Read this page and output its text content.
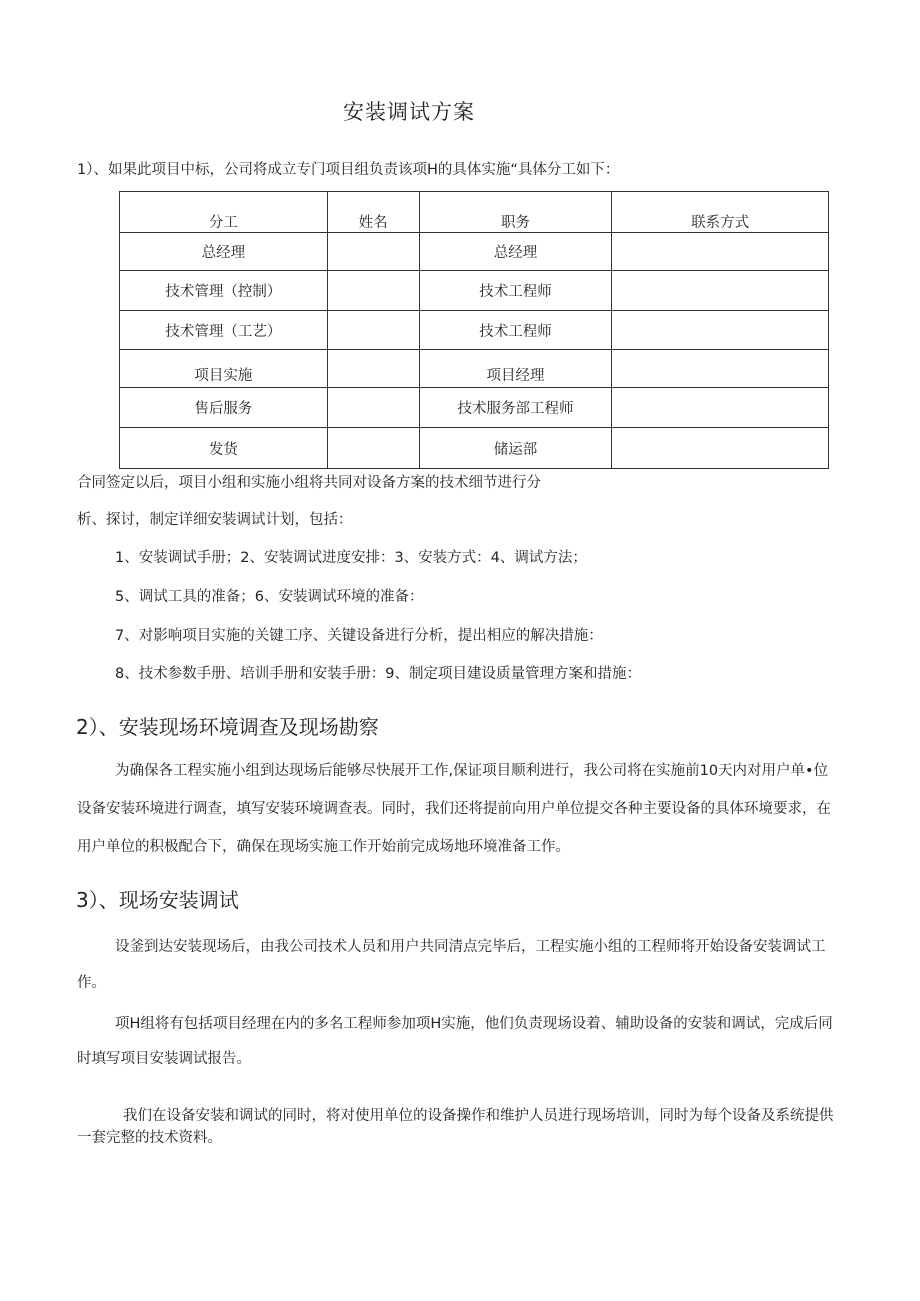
安装调试方案
1）、如果此项目中标，公司将成立专门项目组负责该项H的具体实施“具体分工如下：
分工	姓名	职务	联系方式
总经理		总经理	
技术管理（控制）		技术工程师	
技术管理（工艺）		技术工程师	
项目实施		项目经理	
售后服务		技术服务部工程师	
发货		储运部	
合同签定以后，项目小组和实施小组将共同对设备方案的技术细节进行分
析、探讨，制定详细安装调试计划，包括：
1、安装调试手册；2、安装调试进度安排：3、安装方式：4、调试方法；
5、调试工具的准备；6、安装调试环境的准备：
7、对影响项目实施的关键工序、关键设备进行分析，提出相应的解决措施：
8、技术参数手册、培训手册和安装手册：9、制定项目建设质量管理方案和措施：
2）、安装现场环境调查及现场勘察
为确保各工程实施小组到达现场后能够尽快展开工作,保证项目顺利进行，我公司将在实施前10天内对用户单•位
设备安装环境进行调查，填写安装环境调查表。同时，我们还将提前向用户单位提交各种主要设备的具体环境要求，在
用户单位的积极配合下，确保在现场实施工作开始前完成场地环境准备工作。
3）、现场安装调试
设釜到达安装现场后，由我公司技术人员和用户共同清点完毕后，工程实施小组的工程师将开始设备安装调试工
作。
项H组将有包括项目经理在内的多名工程师参加项H实施，他们负责现场设着、辅助设备的安装和调试，完成后同
时填写项目安装调试报告。
我们在设备安装和调试的同时，将对使用单位的设备操作和维护人员进行现场培训，同时为每个设备及系统提供
一套完整的技术资料。
